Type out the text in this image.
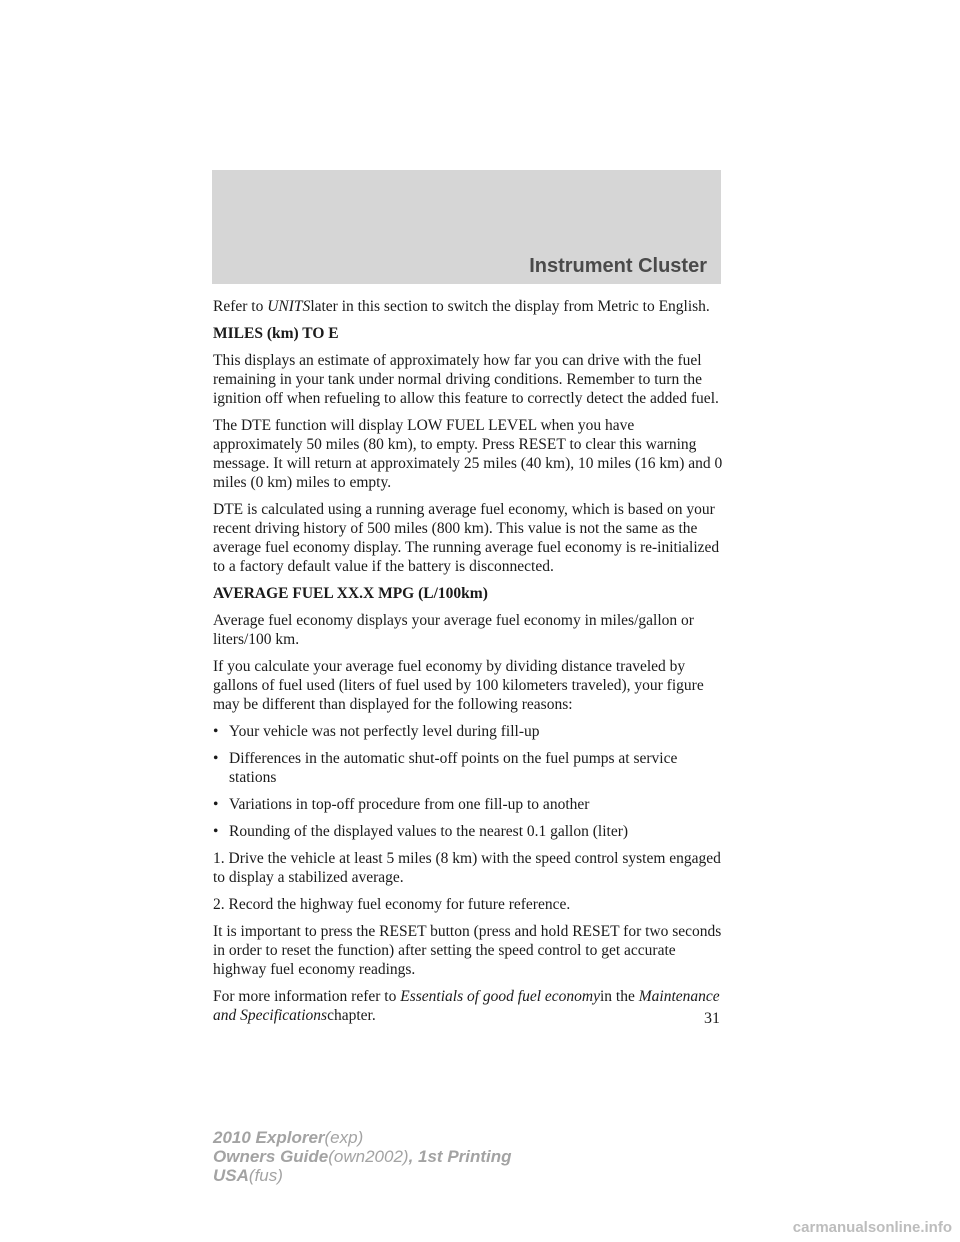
Instrument Cluster

Refer to UNITSlater in this section to switch the display from Metric to English.

MILES (km) TO E

This displays an estimate of approximately how far you can drive with the fuel remaining in your tank under normal driving conditions. Remember to turn the ignition off when refueling to allow this feature to correctly detect the added fuel.

The DTE function will display LOW FUEL LEVEL when you have approximately 50 miles (80 km), to empty. Press RESET to clear this warning message. It will return at approximately 25 miles (40 km), 10 miles (16 km) and 0 miles (0 km) miles to empty.

DTE is calculated using a running average fuel economy, which is based on your recent driving history of 500 miles (800 km). This value is not the same as the average fuel economy display. The running average fuel economy is re-initialized to a factory default value if the battery is disconnected.

AVERAGE FUEL XX.X MPG (L/100km)

Average fuel economy displays your average fuel economy in miles/gallon or liters/100 km.

If you calculate your average fuel economy by dividing distance traveled by gallons of fuel used (liters of fuel used by 100 kilometers traveled), your figure may be different than displayed for the following reasons:

• Your vehicle was not perfectly level during fill-up
• Differences in the automatic shut-off points on the fuel pumps at service stations
• Variations in top-off procedure from one fill-up to another
• Rounding of the displayed values to the nearest 0.1 gallon (liter)

1. Drive the vehicle at least 5 miles (8 km) with the speed control system engaged to display a stabilized average.

2. Record the highway fuel economy for future reference.

It is important to press the RESET button (press and hold RESET for two seconds in order to reset the function) after setting the speed control to get accurate highway fuel economy readings.

For more information refer to Essentials of good fuel economyin the Maintenance and Specificationschapter.	31
2010 Explorer(exp)
Owners Guide(own2002), 1st Printing
USA(fus)
carmanualsonline.info
